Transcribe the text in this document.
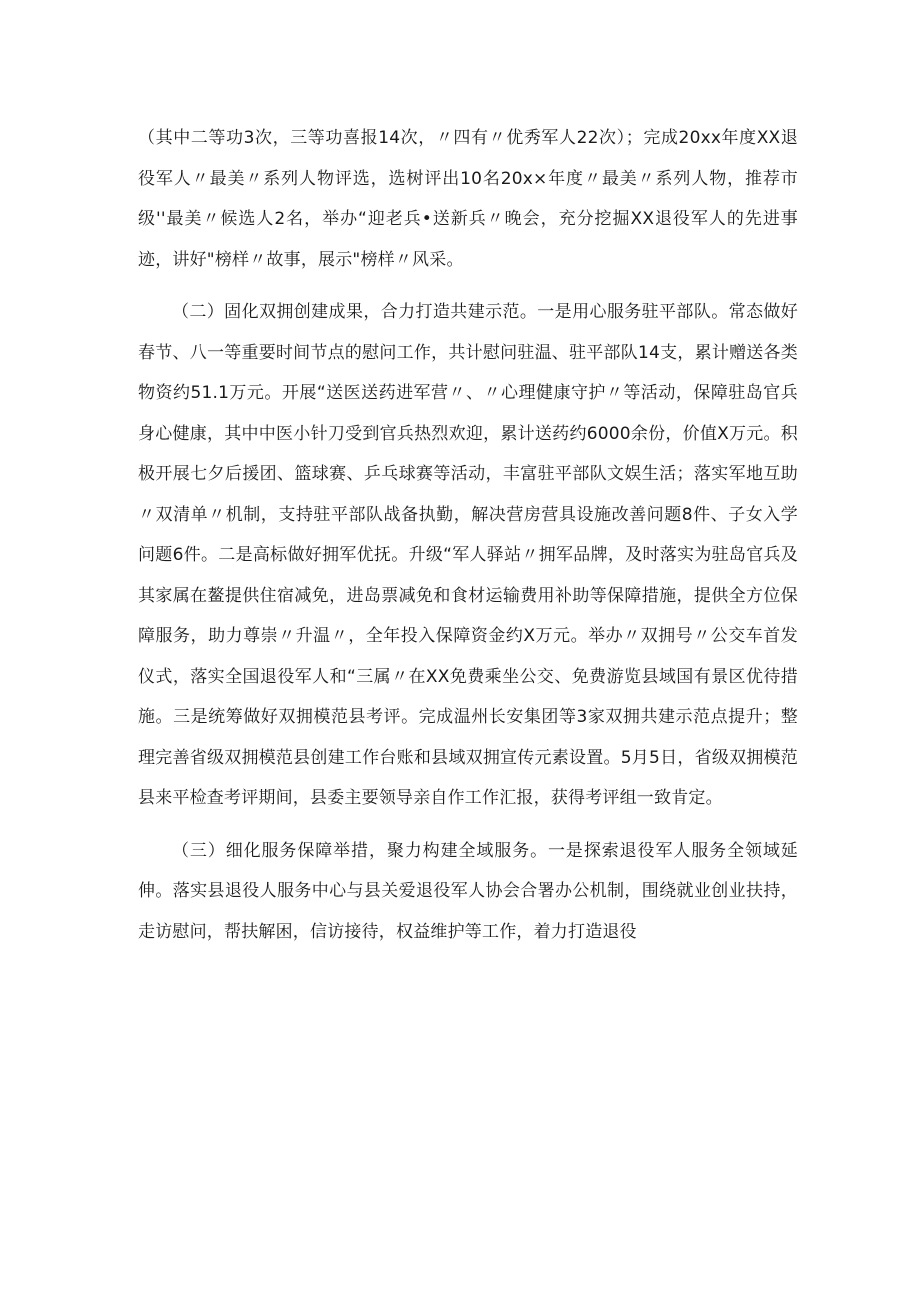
（其中二等功3次，三等功喜报14次，〃四有〃优秀军人22次）；完成20xx年度XX退役军人〃最美〃系列人物评选，选树评出10名20x×年度〃最美〃系列人物，推荐市级''最美〃候选人2名，举办“迎老兵•送新兵〃晚会，充分挖掘XX退役军人的先进事迹，讲好"榜样〃故事，展示"榜样〃风采。

（二）固化双拥创建成果，合力打造共建示范。一是用心服务驻平部队。常态做好春节、八一等重要时间节点的慰问工作，共计慰问驻温、驻平部队14支，累计赠送各类物资约51.1万元。开展“送医送药进军营〃、〃心理健康守护〃等活动，保障驻岛官兵身心健康，其中中医小针刀受到官兵热烈欢迎，累计送药约6000余份，价值X万元。积极开展七夕后援团、篮球赛、乒乓球赛等活动，丰富驻平部队文娱生活；落实军地互助〃双清单〃机制，支持驻平部队战备执勤，解决营房营具设施改善问题8件、子女入学问题6件。二是高标做好拥军优抚。升级“军人驿站〃拥军品牌，及时落实为驻岛官兵及其家属在鳌提供住宿减免，进岛票减免和食材运输费用补助等保障措施，提供全方位保障服务，助力尊崇〃升温〃，全年投入保障资金约X万元。举办〃双拥号〃公交车首发仪式，落实全国退役军人和“三属〃在XX免费乘坐公交、免费游览县域国有景区优待措施。三是统筹做好双拥模范县考评。完成温州长安集团等3家双拥共建示范点提升；整理完善省级双拥模范县创建工作台账和县域双拥宣传元素设置。5月5日，省级双拥模范县来平检查考评期间，县委主要领导亲自作工作汇报，获得考评组一致肯定。

（三）细化服务保障举措，聚力构建全域服务。一是探索退役军人服务全领域延伸。落实县退役人服务中心与县关爱退役军人协会合署办公机制，围绕就业创业扶持，走访慰问，帮扶解困，信访接待，权益维护等工作，着力打造退役
